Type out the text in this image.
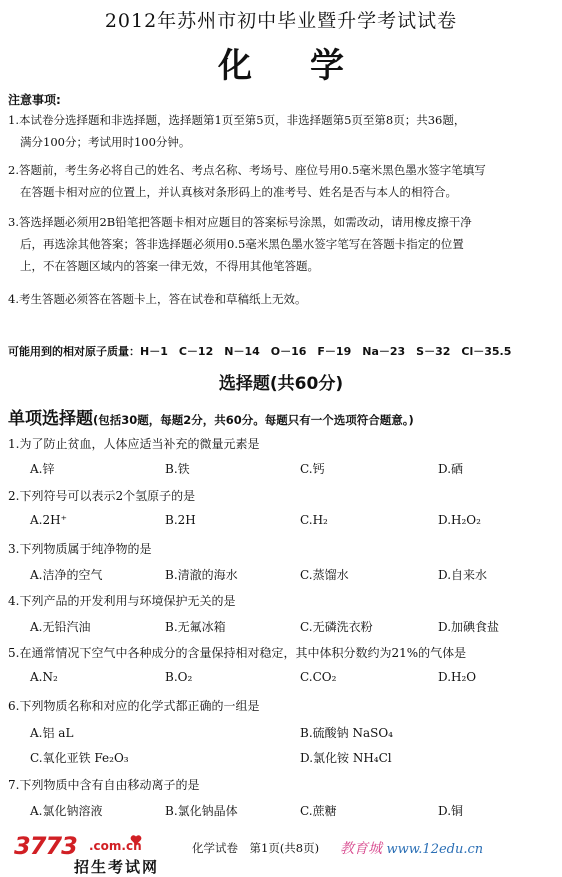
2012年苏州市初中毕业暨升学考试试卷
化学
注意事项:
1.本试卷分选择题和非选择题，选择题第1页至第5页，非选择题第5页至第8页；共36题，
满分100分；考试用时100分钟。
2.答题前，考生务必将自己的姓名、考点名称、考场号、座位号用0.5毫米黑色墨水签字笔填写
在答题卡相对应的位置上，并认真核对条形码上的准考号、姓名是否与本人的相符合。
3.答选择题必须用2B铅笔把答题卡相对应题目的答案标号涂黑，如需改动，请用橡皮擦干净
后，再选涂其他答案；答非选择题必须用0.5毫米黑色墨水签字笔写在答题卡指定的位置
上，不在答题区域内的答案一律无效，不得用其他笔答题。
4.考生答题必须答在答题卡上，答在试卷和草稿纸上无效。
可能用到的相对原子质量：H－1　C－12　N－14　O－16　F－19　Na－23　S－32　Cl－35.5
选择题(共60分)
单项选择题(包括30题，每题2分，共60分。每题只有一个选项符合题意。)
1.为了防止贫血，人体应适当补充的微量元素是
A.锌	B.铁	C.钙	D.硒
2.下列符号可以表示2个氢原子的是
A.2H⁺	B.2H	C.H₂	D.H₂O₂
3.下列物质属于纯净物的是
A.洁净的空气	B.清澈的海水	C.蒸馏水	D.自来水
4.下列产品的开发利用与环境保护无关的是
A.无铅汽油	B.无氟冰箱	C.无磷洗衣粉	D.加碘食盐
5.在通常情况下空气中各种成分的含量保持相对稳定，其中体积分数约为21%的气体是
A.N₂	B.O₂	C.CO₂	D.H₂O
6.下列物质名称和对应的化学式都正确的一组是
A.铝 aL	B.硫酸钠 NaSO₄
C.氧化亚铁 Fe₂O₃	D.氯化铵 NH₄Cl
7.下列物质中含有自由移动离子的是
A.氯化钠溶液	B.氯化钠晶体	C.蔗糖	D.铜
3773 .com.cn
招生考试网
化学试卷　第1页(共8页) 教育城 www.12edu.cn
